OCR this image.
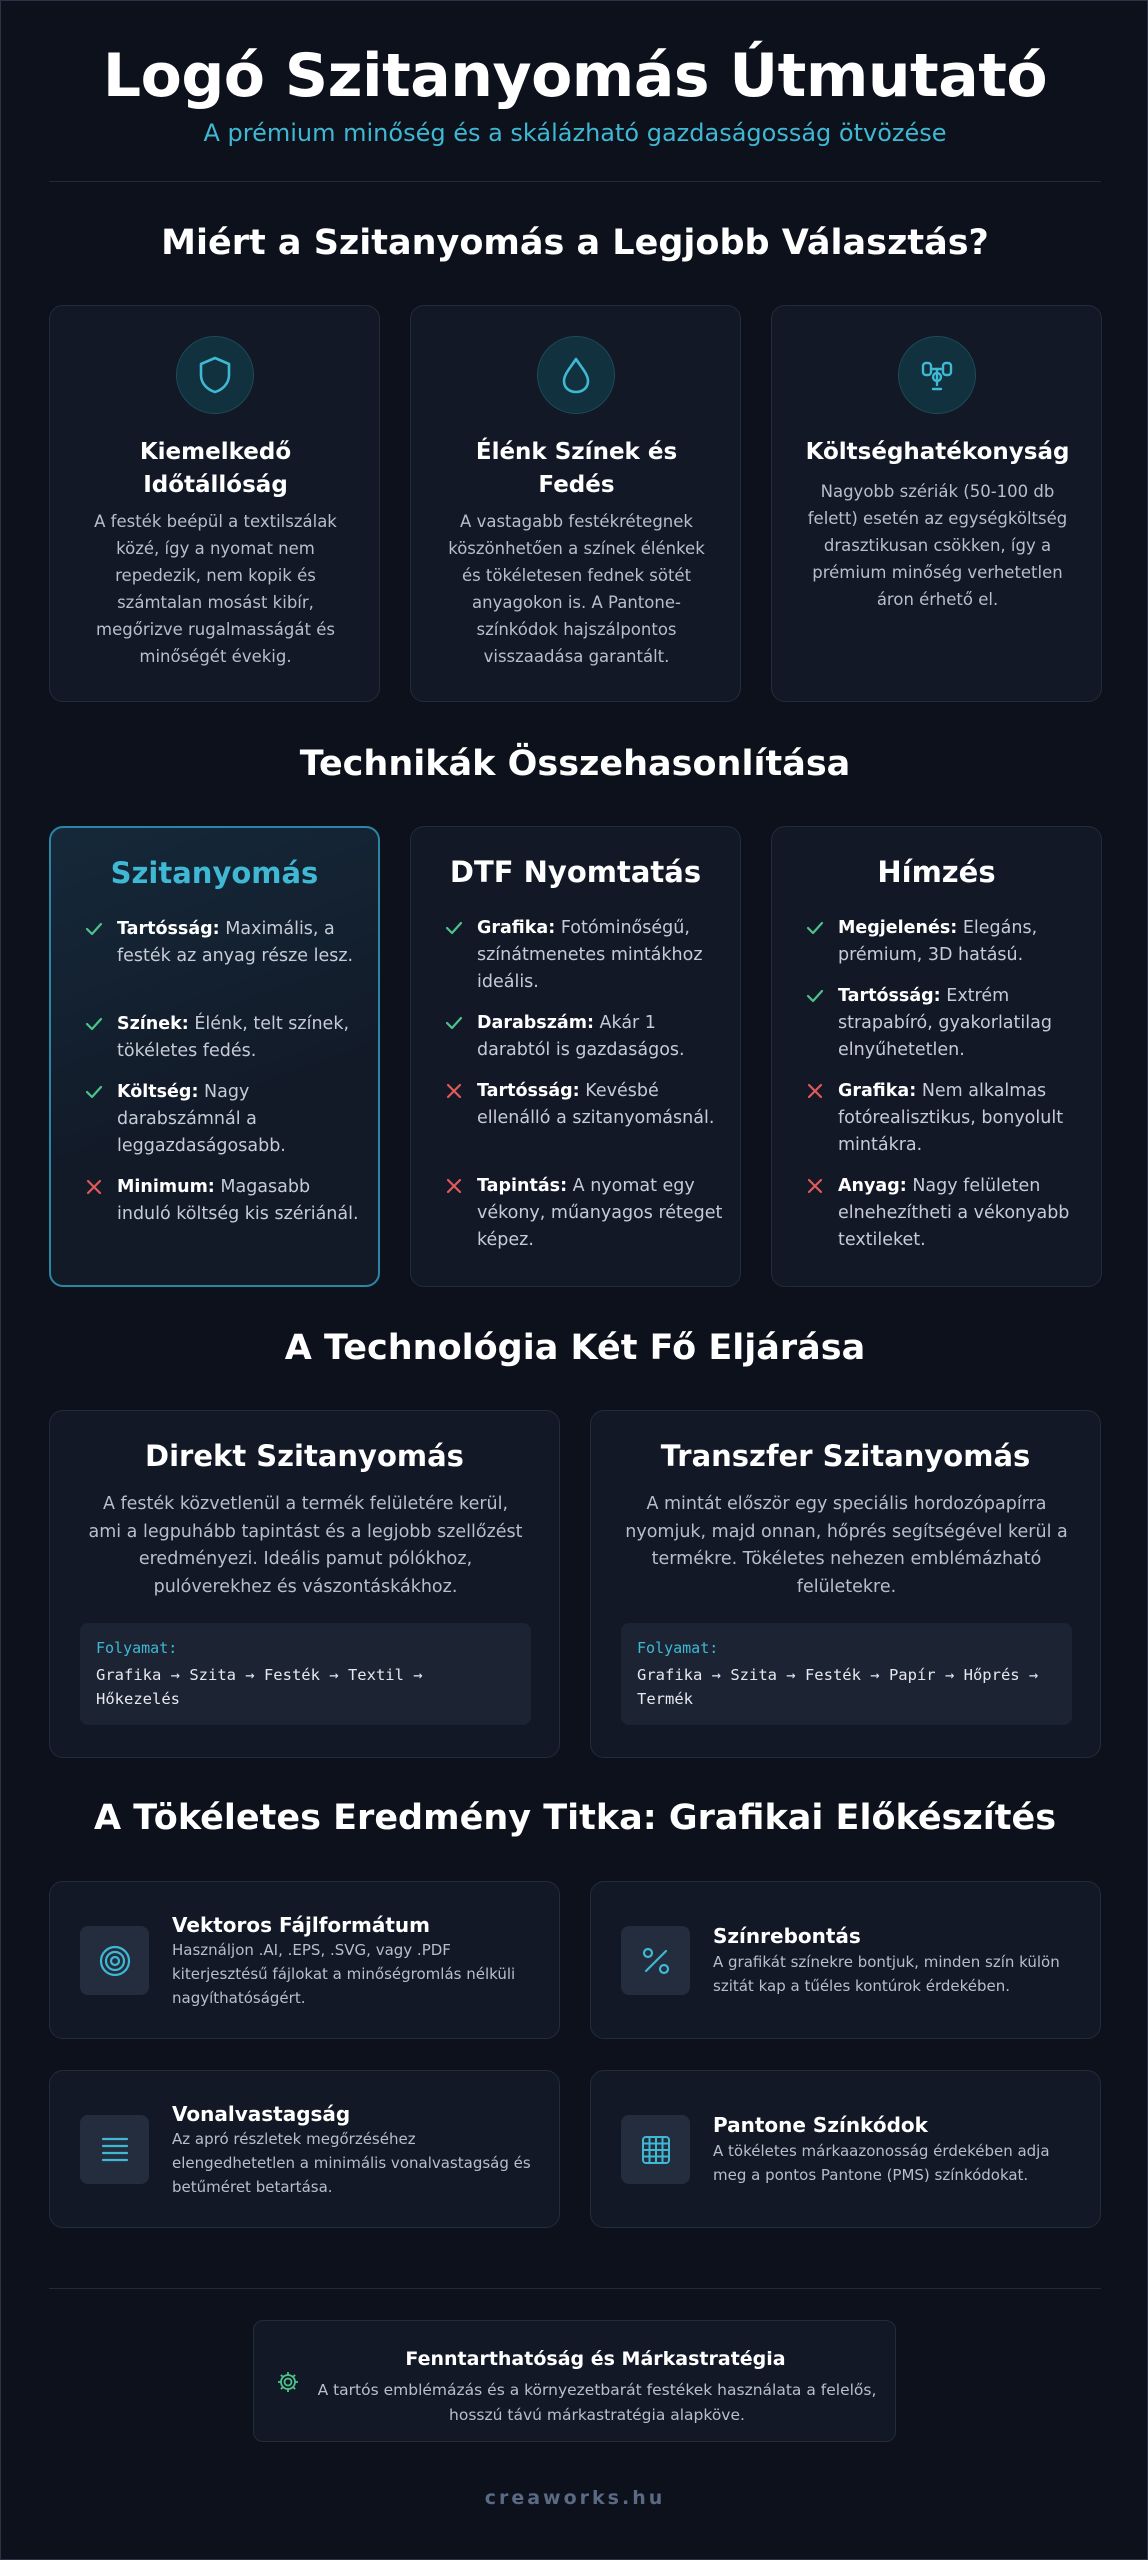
Logó Szitanyomás Útmutató
A prémium minőség és a skálázható gazdaságosság ötvözése
Miért a Szitanyomás a Legjobb Választás?
Kiemelkedő Időtállóság
A festék beépül a textilszálak közé, így a nyomat nem repedezik, nem kopik és számtalan mosást kibír, megőrizve rugalmasságát és minőségét évekig.
Élénk Színek és Fedés
A vastagabb festékrétegnek köszönhetően a színek élénkek és tökéletesen fednek sötét anyagokon is. A Pantone-színkódok hajszálpontos visszaadása garantált.
Költséghatékonyság
Nagyobb szériák (50-100 db felett) esetén az egységköltség drasztikusan csökken, így a prémium minőség verhetetlen áron érhető el.
Technikák Összehasonlítása
Szitanyomás
Tartósság: Maximális, a festék az anyag része lesz.
Színek: Élénk, telt színek, tökéletes fedés.
Költség: Nagy darabszámnál a leggazdaságosabb.
Minimum: Magasabb induló költség kis szériánál.
DTF Nyomtatás
Grafika: Fotóminőségű, színátmenetes mintákhoz ideális.
Darabszám: Akár 1 darabtól is gazdaságos.
Tartósság: Kevésbé ellenálló a szitanyomásnál.
Tapintás: A nyomat egy vékony, műanyagos réteget képez.
Hímzés
Megjelenés: Elegáns, prémium, 3D hatású.
Tartósság: Extrém strapabíró, gyakorlatilag elnyűhetetlen.
Grafika: Nem alkalmas fotórealisztikus, bonyolult mintákra.
Anyag: Nagy felületen elnehezítheti a vékonyabb textileket.
A Technológia Két Fő Eljárása
Direkt Szitanyomás
A festék közvetlenül a termék felületére kerül, ami a legpuhább tapintást és a legjobb szellőzést eredményezi. Ideális pamut pólókhoz, pulóverekhez és vászontáskákhoz.
Folyamat:
Grafika → Szita → Festék → Textil → Hőkezelés
Transzfer Szitanyomás
A mintát először egy speciális hordozópapírra nyomjuk, majd onnan, hőprés segítségével kerül a termékre. Tökéletes nehezen emblémázható felületekre.
Folyamat:
Grafika → Szita → Festék → Papír → Hőprés → Termék
A Tökéletes Eredmény Titka: Grafikai Előkészítés
Vektoros Fájlformátum
Használjon .AI, .EPS, .SVG, vagy .PDF kiterjesztésű fájlokat a minőségromlás nélküli nagyíthatóságért.
Színrebontás
A grafikát színekre bontjuk, minden szín külön szitát kap a tűéles kontúrok érdekében.
Vonalvastagság
Az apró részletek megőrzéséhez elengedhetetlen a minimális vonalvastagság és betűméret betartása.
Pantone Színkódok
A tökéletes márkaazonosság érdekében adja meg a pontos Pantone (PMS) színkódokat.
Fenntarthatóság és Márkastratégia
A tartós emblémázás és a környezetbarát festékek használata a felelős, hosszú távú márkastratégia alapköve.
creaworks.hu
